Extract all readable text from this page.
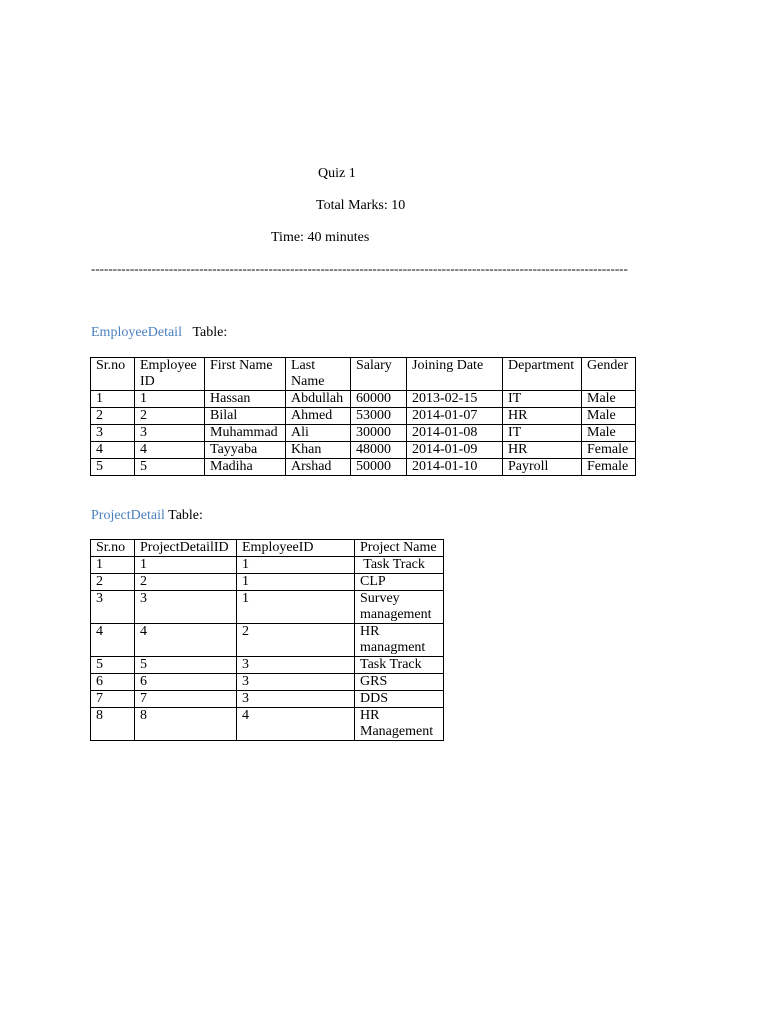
Quiz 1
Total Marks: 10
Time: 40 minutes
----------------------------------------------------------------------------------------------------------------------------
EmployeeDetail Table:
Sr.no	Employee ID	First Name	Last Name	Salary	Joining Date	Department	Gender
1	1	Hassan	Abdullah	60000	2013-02-15	IT	Male
2	2	Bilal	Ahmed	53000	2014-01-07	HR	Male
3	3	Muhammad	Ali	30000	2014-01-08	IT	Male
4	4	Tayyaba	Khan	48000	2014-01-09	HR	Female
5	5	Madiha	Arshad	50000	2014-01-10	Payroll	Female
ProjectDetail Table:
Sr.no	ProjectDetailID	EmployeeID	Project Name
1	1	1	Task Track
2	2	1	CLP
3	3	1	Survey management
4	4	2	HR managment
5	5	3	Task Track
6	6	3	GRS
7	7	3	DDS
8	8	4	HR Management
